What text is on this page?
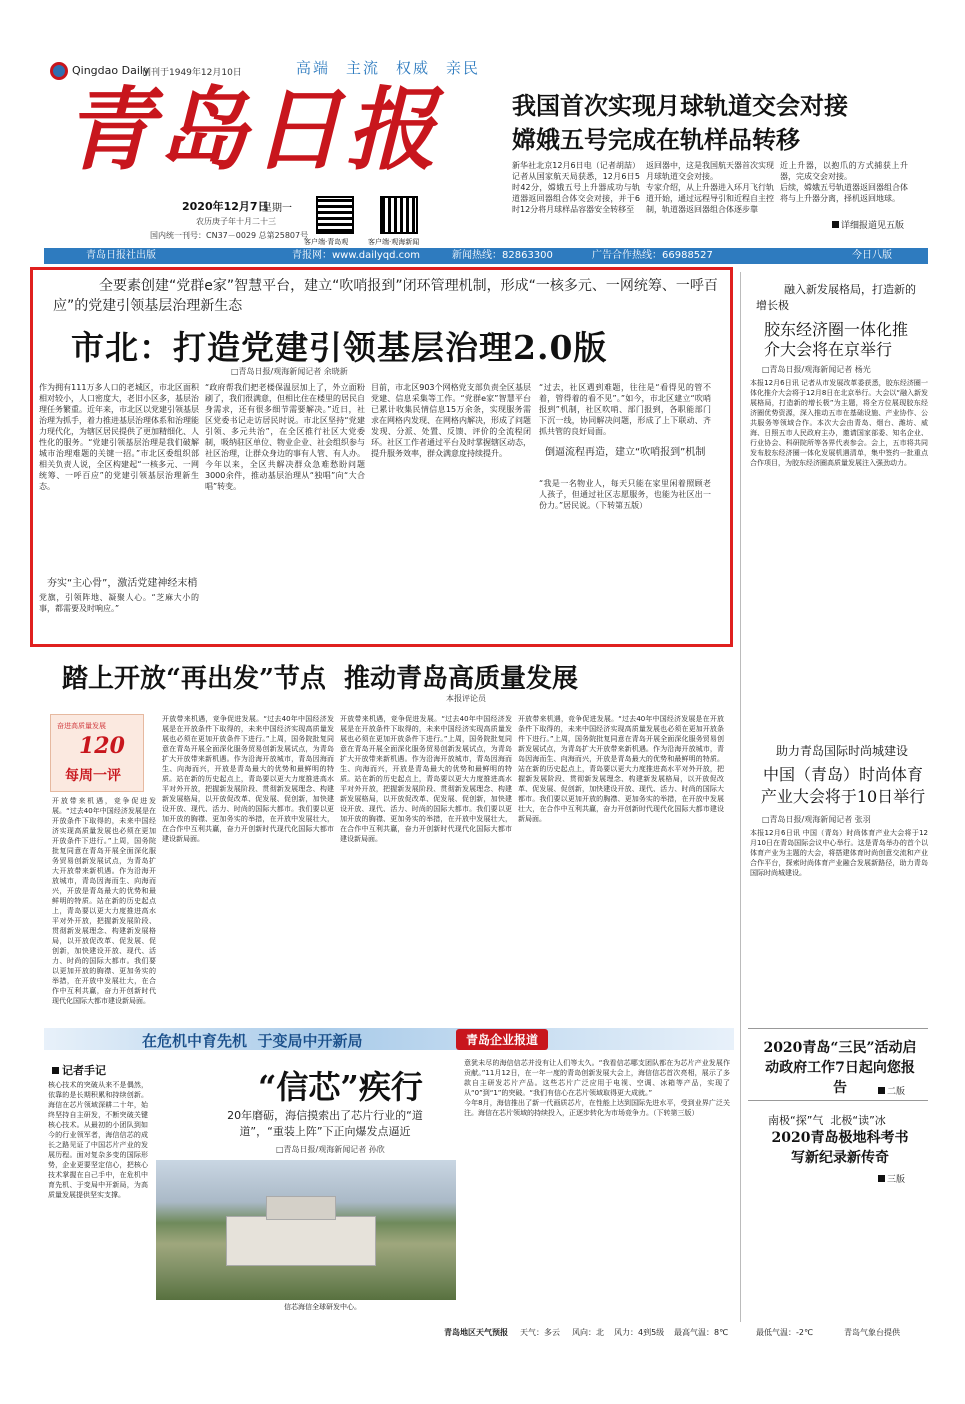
Qingdao Daily
创刊于1949年12月10日	高端 主流 权威 亲民
青岛日报
2020年12月7日
星期一
农历庚子年十月二十三
国内统一刊号：CN37－0029 总第25807号
客户端·青岛观	客户端·观海新闻
我国首次实现月球轨道交会对接
嫦娥五号完成在轨样品转移
新华社北京12月6日电（记者胡喆）记者从国家航天局获悉，12月6日5时42分，嫦娥五号上升器成功与轨道器返回器组合体交会对接，并于6时12分将月球样品容器安全转移至
返回器中，这是我国航天器首次实现月球轨道交会对接。
专家介绍，从上升器进入环月飞行轨道开始，通过远程导引和近程自主控制，轨道器返回器组合体逐步靠
近上升器，以抱爪的方式捕获上升器，完成交会对接。
后续，嫦娥五号轨道器返回器组合体将与上升器分离，择机返回地球。
详细报道见五版
青岛日报社出版	青报网：www.dailyqd.com	新闻热线：82863300	广告合作热线：66988527	今日八版
全要素创建“党群e家”智慧平台，建立“吹哨报到”闭环管理机制，形成“一核多元、一网统筹、一呼百应”的党建引领基层治理新生态
市北：打造党建引领基层治理2.0版
□青岛日报/观海新闻记者 余晓新
作为拥有111万多人口的老城区，市北区面积相对较小，人口密度大，老旧小区多，基层治理任务繁重。近年来，市北区以党建引领基层治理为抓手，着力推进基层治理体系和治理能力现代化，为辖区居民提供了更加精细化、人性化的服务。“党建引领基层治理是我们破解城市治理难题的关键一招。”市北区委组织部相关负责人说，全区构建起“一核多元、一网统筹、一呼百应”的党建引领基层治理新生态。
夯实“主心骨”，激活党建神经末梢
党旗，引领阵地、凝聚人心。“芝麻大小的事，都需要及时响应。”
“政府帮我们把老楼保温层加上了，外立面粉刷了，我们很满意，但相比住在楼里的居民自身需求，还有很多细节需要解决。”近日，社区党委书记走访居民时说。市北区坚持“党建引领、多元共治”，在全区推行社区大党委制，吸纳驻区单位、物业企业、社会组织参与社区治理，让群众身边的事有人管、有人办。今年以来，全区共解决群众急难愁盼问题3000余件，推动基层治理从“独唱”向“大合唱”转变。
目前，市北区903个网格党支部负责全区基层党建、信息采集等工作。“党群e家”智慧平台已累计收集民情信息15万余条，实现服务需求在网格内发现、在网格内解决，形成了问题发现、分派、处置、反馈、评价的全流程闭环。社区工作者通过平台及时掌握辖区动态，提升服务效率，群众满意度持续提升。
“过去，社区遇到难题，往往是“看得见的管不着，管得着的看不见”。”如今，市北区建立“吹哨报到”机制，社区吹哨、部门报到，各职能部门下沉一线，协同解决问题，形成了上下联动、齐抓共管的良好局面。
倒逼流程再造，建立“吹哨报到”机制
“我是一名物业人，每天只能在家里闲着照顾老人孩子，但通过社区志愿服务，也能为社区出一份力。”居民说。（下转第五版）
踏上开放“再出发”节点  推动青岛高质量发展
本报评论员
奋进高质量发展
120
每周一评
开放带来机遇，竞争促进发展。“过去40年中国经济发展是在开放条件下取得的，未来中国经济实现高质量发展也必须在更加开放条件下进行。”上周，国务院批复同意在青岛开展全面深化服务贸易创新发展试点，为青岛扩大开放带来新机遇。作为沿海开放城市，青岛因海而生、向海而兴，开放是青岛最大的优势和最鲜明的特质。站在新的历史起点上，青岛要以更大力度推进高水平对外开放，把握新发展阶段、贯彻新发展理念、构建新发展格局，以开放促改革、促发展、促创新，加快建设开放、现代、活力、时尚的国际大都市。我们要以更加开放的胸襟、更加务实的举措，在开放中发展壮大，在合作中互利共赢，奋力开创新时代现代化国际大都市建设新局面。
开放带来机遇，竞争促进发展。“过去40年中国经济发展是在开放条件下取得的，未来中国经济实现高质量发展也必须在更加开放条件下进行。”上周，国务院批复同意在青岛开展全面深化服务贸易创新发展试点，为青岛扩大开放带来新机遇。作为沿海开放城市，青岛因海而生、向海而兴，开放是青岛最大的优势和最鲜明的特质。站在新的历史起点上，青岛要以更大力度推进高水平对外开放，把握新发展阶段、贯彻新发展理念、构建新发展格局，以开放促改革、促发展、促创新，加快建设开放、现代、活力、时尚的国际大都市。我们要以更加开放的胸襟、更加务实的举措，在开放中发展壮大，在合作中互利共赢，奋力开创新时代现代化国际大都市建设新局面。
开放带来机遇，竞争促进发展。“过去40年中国经济发展是在开放条件下取得的，未来中国经济实现高质量发展也必须在更加开放条件下进行。”上周，国务院批复同意在青岛开展全面深化服务贸易创新发展试点，为青岛扩大开放带来新机遇。作为沿海开放城市，青岛因海而生、向海而兴，开放是青岛最大的优势和最鲜明的特质。站在新的历史起点上，青岛要以更大力度推进高水平对外开放，把握新发展阶段、贯彻新发展理念、构建新发展格局，以开放促改革、促发展、促创新，加快建设开放、现代、活力、时尚的国际大都市。我们要以更加开放的胸襟、更加务实的举措，在开放中发展壮大，在合作中互利共赢，奋力开创新时代现代化国际大都市建设新局面。
开放带来机遇，竞争促进发展。“过去40年中国经济发展是在开放条件下取得的，未来中国经济实现高质量发展也必须在更加开放条件下进行。”上周，国务院批复同意在青岛开展全面深化服务贸易创新发展试点，为青岛扩大开放带来新机遇。作为沿海开放城市，青岛因海而生、向海而兴，开放是青岛最大的优势和最鲜明的特质。站在新的历史起点上，青岛要以更大力度推进高水平对外开放，把握新发展阶段、贯彻新发展理念、构建新发展格局，以开放促改革、促发展、促创新，加快建设开放、现代、活力、时尚的国际大都市。我们要以更加开放的胸襟、更加务实的举措，在开放中发展壮大，在合作中互利共赢，奋力开创新时代现代化国际大都市建设新局面。
融入新发展格局，打造新的增长极
胶东经济圈一体化推介大会将在京举行
□青岛日报/观海新闻记者 杨光
本报12月6日讯 记者从市发展改革委获悉，胶东经济圈一体化推介大会将于12月8日在北京举行。大会以“融入新发展格局，打造新的增长极”为主题，将全方位展现胶东经济圈优势资源，深入推动五市在基础设施、产业协作、公共服务等领域合作。本次大会由青岛、烟台、潍坊、威海、日照五市人民政府主办，邀请国家部委、知名企业、行业协会、科研院所等各界代表参会。会上，五市将共同发布胶东经济圈一体化发展机遇清单，集中签约一批重点合作项目，为胶东经济圈高质量发展注入强劲动力。
助力青岛国际时尚城建设
中国（青岛）时尚体育产业大会将于10日举行
□青岛日报/观海新闻记者 张羽
本报12月6日讯 中国（青岛）时尚体育产业大会将于12月10日在青岛国际会议中心举行。这是青岛举办的首个以体育产业为主题的大会，将搭建体育时尚创意交流和产业合作平台，探索时尚体育产业融合发展新路径，助力青岛国际时尚城建设。
2020青岛“三民”活动启动政府工作7日起向您报告	二版
南极“探”气  北极“读”冰
2020青岛极地科考书写新纪录新传奇
三版
在危机中育先机  于变局中开新局	青岛企业报道
记者手记
核心技术的突破从来不是偶然，依靠的是长期积累和持续创新。海信在芯片领域深耕二十年，始终坚持自主研发，不断突破关键核心技术。从最初的小团队到如今的行业领军者，海信信芯的成长之路见证了中国芯片产业的发展历程。面对复杂多变的国际形势，企业更要坚定信心，把核心技术掌握在自己手中，在危机中育先机、于变局中开新局，为高质量发展提供坚实支撑。
“信芯”疾行
20年磨砺，海信摸索出了芯片行业的“道道”，“重装上阵”下正向爆发点逼近
□青岛日报/观海新闻记者 孙欣
信芯海信全球研发中心。
意犹未尽的海信信芯并没有让人们等太久。“我看信芯哪支团队都在为芯片产业发展作贡献。”11月12日，在一年一度的青岛创新发展大会上，海信信芯首次亮相，展示了多款自主研发芯片产品。这些芯片广泛应用于电视、空调、冰箱等产品，实现了从“0”到“1”的突破。“我们有信心在芯片领域取得更大成就。”
今年8月，海信推出了新一代画质芯片，在性能上达到国际先进水平，受到业界广泛关注。海信在芯片领域的持续投入，正逐步转化为市场竞争力。（下转第三版）
青岛地区天气预报 天气：多云 风向：北 风力：4到5级 最高气温：8℃	最低气温：-2℃	青岛气象台提供
